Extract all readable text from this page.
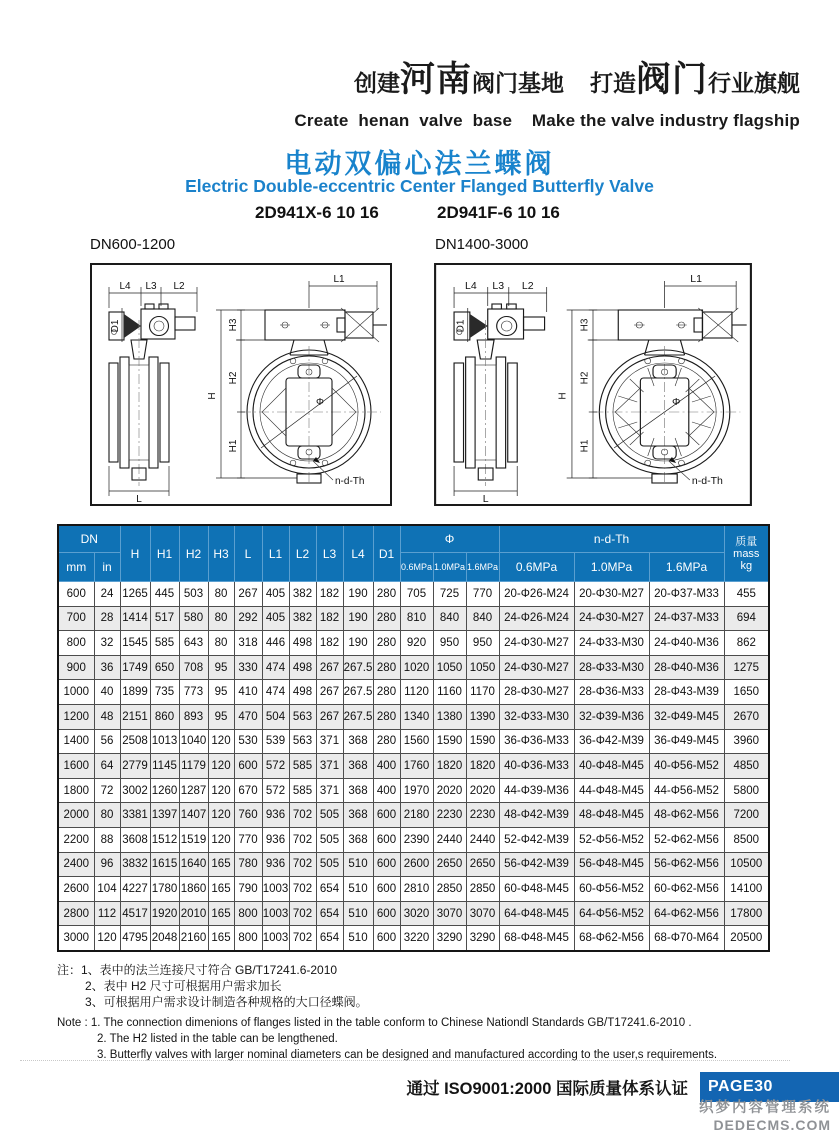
创建河南阀门基地 打造阀门行业旗舰
Create  henan  valve  base    Make the valve industry flagship
电动双偏心法兰蝶阀
Electric Double-eccentric Center Flanged Butterfly Valve
2D941X-6 10 16	2D941F-6 10 16
DN600-1200	DN1400-3000
L4 L3 L2
D1
L
Φ
L1
H
H3
H2
H1
n-d-Th
L4 L3 L2
D1
L
Φ
L1
H
H3
H2
H1
n-d-Th
DN		H	H1	H2	H3	L	L1	L2	L3	L4	D1	Φ			n-d-Th			质量
mass
kg
mm	in											0.6MPa	1.0MPa	1.6MPa	0.6MPa	1.0MPa	1.6MPa	
600	24	1265	445	503	80	267	405	382	182	190	280	705	725	770	20-Φ26-M24	20-Φ30-M27	20-Φ37-M33	455
700	28	1414	517	580	80	292	405	382	182	190	280	810	840	840	24-Φ26-M24	24-Φ30-M27	24-Φ37-M33	694
800	32	1545	585	643	80	318	446	498	182	190	280	920	950	950	24-Φ30-M27	24-Φ33-M30	24-Φ40-M36	862
900	36	1749	650	708	95	330	474	498	267	267.5	280	1020	1050	1050	24-Φ30-M27	28-Φ33-M30	28-Φ40-M36	1275
1000	40	1899	735	773	95	410	474	498	267	267.5	280	1120	1160	1170	28-Φ30-M27	28-Φ36-M33	28-Φ43-M39	1650
1200	48	2151	860	893	95	470	504	563	267	267.5	280	1340	1380	1390	32-Φ33-M30	32-Φ39-M36	32-Φ49-M45	2670
1400	56	2508	1013	1040	120	530	539	563	371	368	280	1560	1590	1590	36-Φ36-M33	36-Φ42-M39	36-Φ49-M45	3960
1600	64	2779	1145	1179	120	600	572	585	371	368	400	1760	1820	1820	40-Φ36-M33	40-Φ48-M45	40-Φ56-M52	4850
1800	72	3002	1260	1287	120	670	572	585	371	368	400	1970	2020	2020	44-Φ39-M36	44-Φ48-M45	44-Φ56-M52	5800
2000	80	3381	1397	1407	120	760	936	702	505	368	600	2180	2230	2230	48-Φ42-M39	48-Φ48-M45	48-Φ62-M56	7200
2200	88	3608	1512	1519	120	770	936	702	505	368	600	2390	2440	2440	52-Φ42-M39	52-Φ56-M52	52-Φ62-M56	8500
2400	96	3832	1615	1640	165	780	936	702	505	510	600	2600	2650	2650	56-Φ42-M39	56-Φ48-M45	56-Φ62-M56	10500
2600	104	4227	1780	1860	165	790	1003	702	654	510	600	2810	2850	2850	60-Φ48-M45	60-Φ56-M52	60-Φ62-M56	14100
2800	112	4517	1920	2010	165	800	1003	702	654	510	600	3020	3070	3070	64-Φ48-M45	64-Φ56-M52	64-Φ62-M56	17800
3000	120	4795	2048	2160	165	800	1003	702	654	510	600	3220	3290	3290	68-Φ48-M45	68-Φ62-M56	68-Φ70-M64	20500
注：1、表中的法兰连接尺寸符合 GB/T17241.6-2010
2、表中 H2 尺寸可根据用户需求加长
3、可根据用户需求设计制造各种规格的大口径蝶阀。
Note : 1. The connection dimenions of flanges listed in the table conform to Chinese Nationdl Standards GB/T17241.6-2010 .
2. The H2 listed in the table can be lengthened.
3. Butterfly valves with larger nominal diameters can be designed and manufactured according to the user,s requirements.
通过 ISO9001:2000 国际质量体系认证	PAGE30
织梦内容管理系统
DEDECMS.COM
